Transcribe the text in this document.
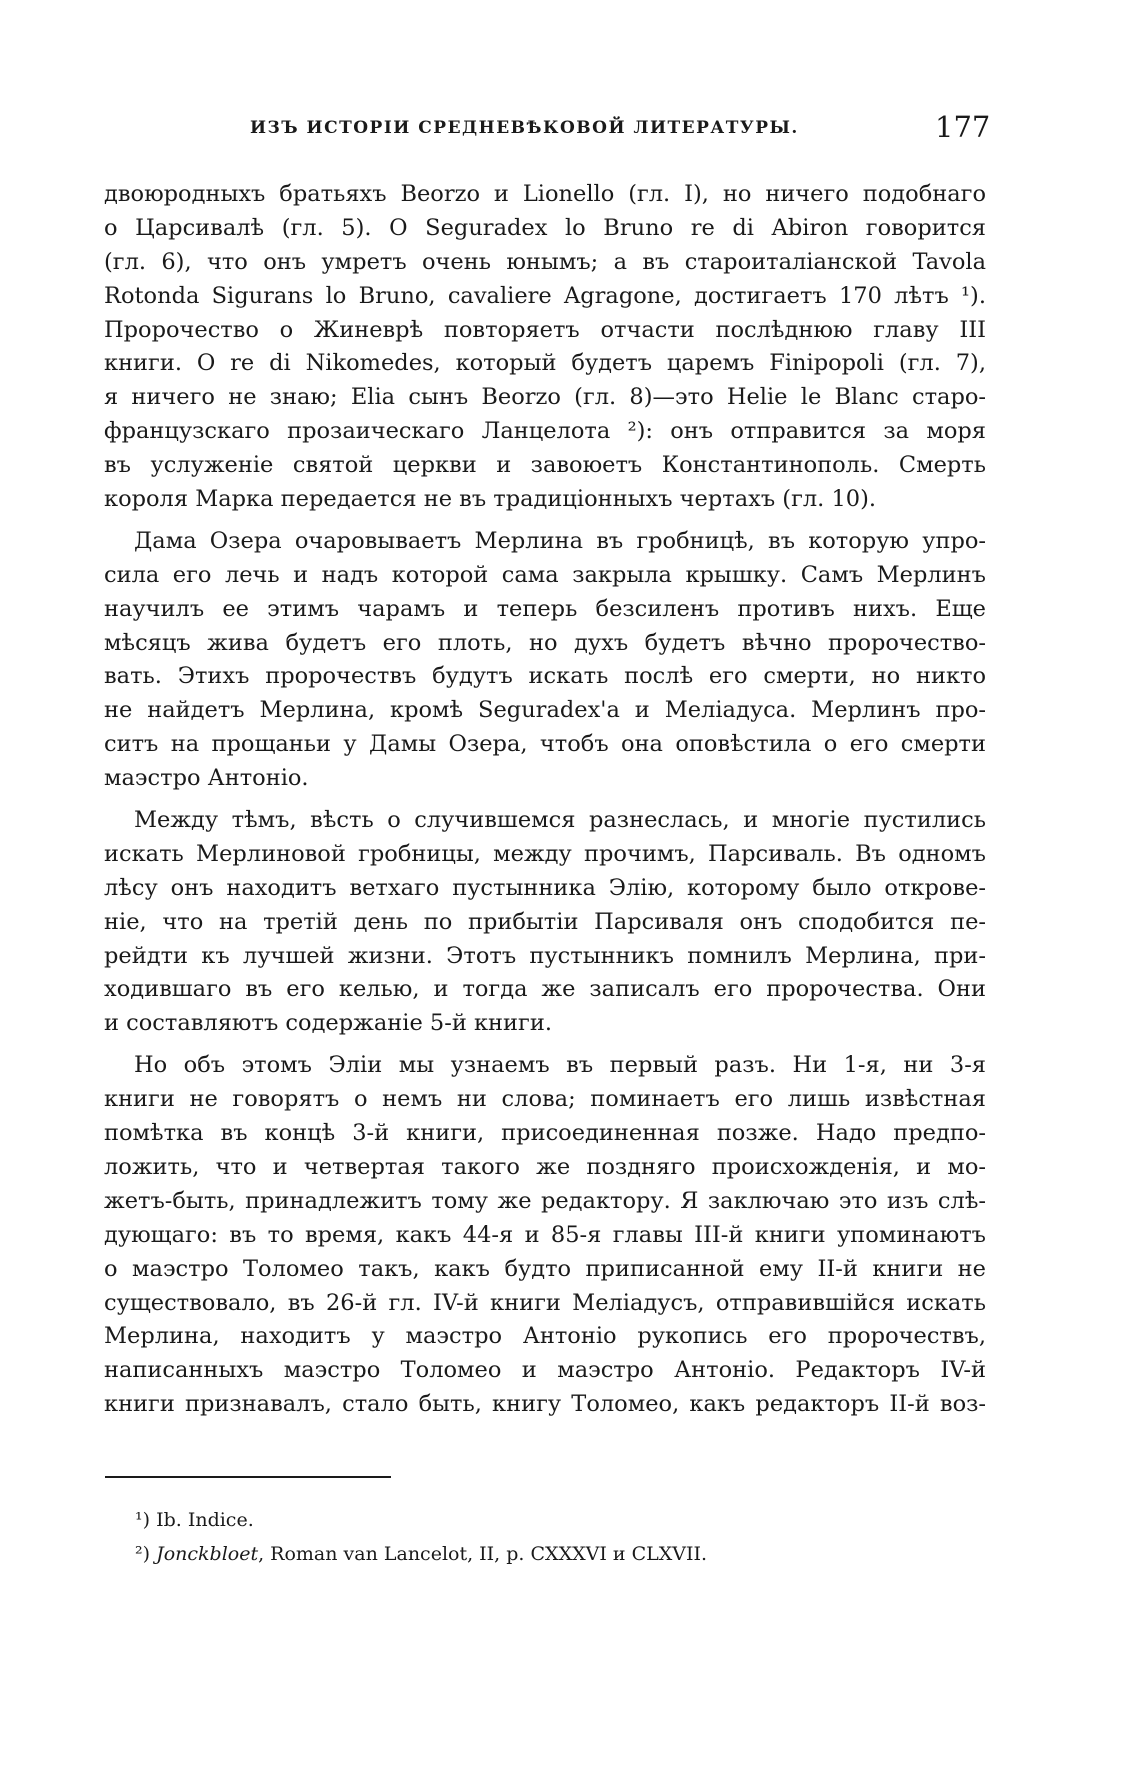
ИЗЪ ИСТОРІИ СРЕДНЕВѢКОВОЙ ЛИТЕРАТУРЫ.	177
двоюродныхъ братьяхъ Beorzo и Lionello (гл. I), но ничего подобнаго
о Царсивалѣ (гл. 5). О Seguradex lo Bruno re di Abiron говорится
(гл. 6), что онъ умретъ очень юнымъ; а въ староиталіанской Tavola
Rotonda Sigurans lo Bruno, cavaliere Agragone, достигаетъ 170 лѣтъ ¹).
Пророчество о Жиневрѣ повторяетъ отчасти послѣднюю главу III
книги. О re di Nikomedes, который будетъ царемъ Finipopoli (гл. 7),
я ничего не знаю; Elia сынъ Beorzo (гл. 8)—это Helie le Blanc старо-
французскаго прозаическаго Ланцелота ²): онъ отправится за моря
въ услуженіе святой церкви и завоюетъ Константинополь. Смерть
короля Марка передается не въ традиціонныхъ чертахъ (гл. 10).
Дама Озера очаровываетъ Мерлина въ гробницѣ, въ которую упро-
сила его лечь и надъ которой сама закрыла крышку. Самъ Мерлинъ
научилъ ее этимъ чарамъ и теперь безсиленъ противъ нихъ. Еще
мѣсяцъ жива будетъ его плоть, но духъ будетъ вѣчно пророчество-
вать. Этихъ пророчествъ будутъ искать послѣ его смерти, но никто
не найдетъ Мерлина, кромѣ Seguradex'а и Меліадуса. Мерлинъ про-
ситъ на прощаньи у Дамы Озера, чтобъ она оповѣстила о его смерти
маэстро Антоніо.
Между тѣмъ, вѣсть о случившемся разнеслась, и многіе пустились
искать Мерлиновой гробницы, между прочимъ, Парсиваль. Въ одномъ
лѣсу онъ находитъ ветхаго пустынника Элію, которому было открове-
ніе, что на третій день по прибытіи Парсиваля онъ сподобится пе-
рейдти къ лучшей жизни. Этотъ пустынникъ помнилъ Мерлина, при-
ходившаго въ его келью, и тогда же записалъ его пророчества. Они
и составляютъ содержаніе 5-й книги.
Но объ этомъ Эліи мы узнаемъ въ первый разъ. Ни 1-я, ни 3-я
книги не говорятъ о немъ ни слова; поминаетъ его лишь извѣстная
помѣтка въ концѣ 3-й книги, присоединенная позже. Надо предпо-
ложить, что и четвертая такого же поздняго происхожденія, и мо-
жетъ-быть, принадлежитъ тому же редактору. Я заключаю это изъ слѣ-
дующаго: въ то время, какъ 44-я и 85-я главы III-й книги упоминаютъ
о маэстро Толомео такъ, какъ будто приписанной ему II-й книги не
существовало, въ 26-й гл. IV-й книги Меліадусъ, отправившійся искать
Мерлина, находитъ у маэстро Антоніо рукопись его пророчествъ,
написанныхъ маэстро Толомео и маэстро Антоніо. Редакторъ IV-й
книги признавалъ, стало быть, книгу Толомео, какъ редакторъ II-й воз-
¹) Ib. Indice.
²) Jonckbloet, Roman van Lancelot, II, p. CXXXVI и CLXVII.
